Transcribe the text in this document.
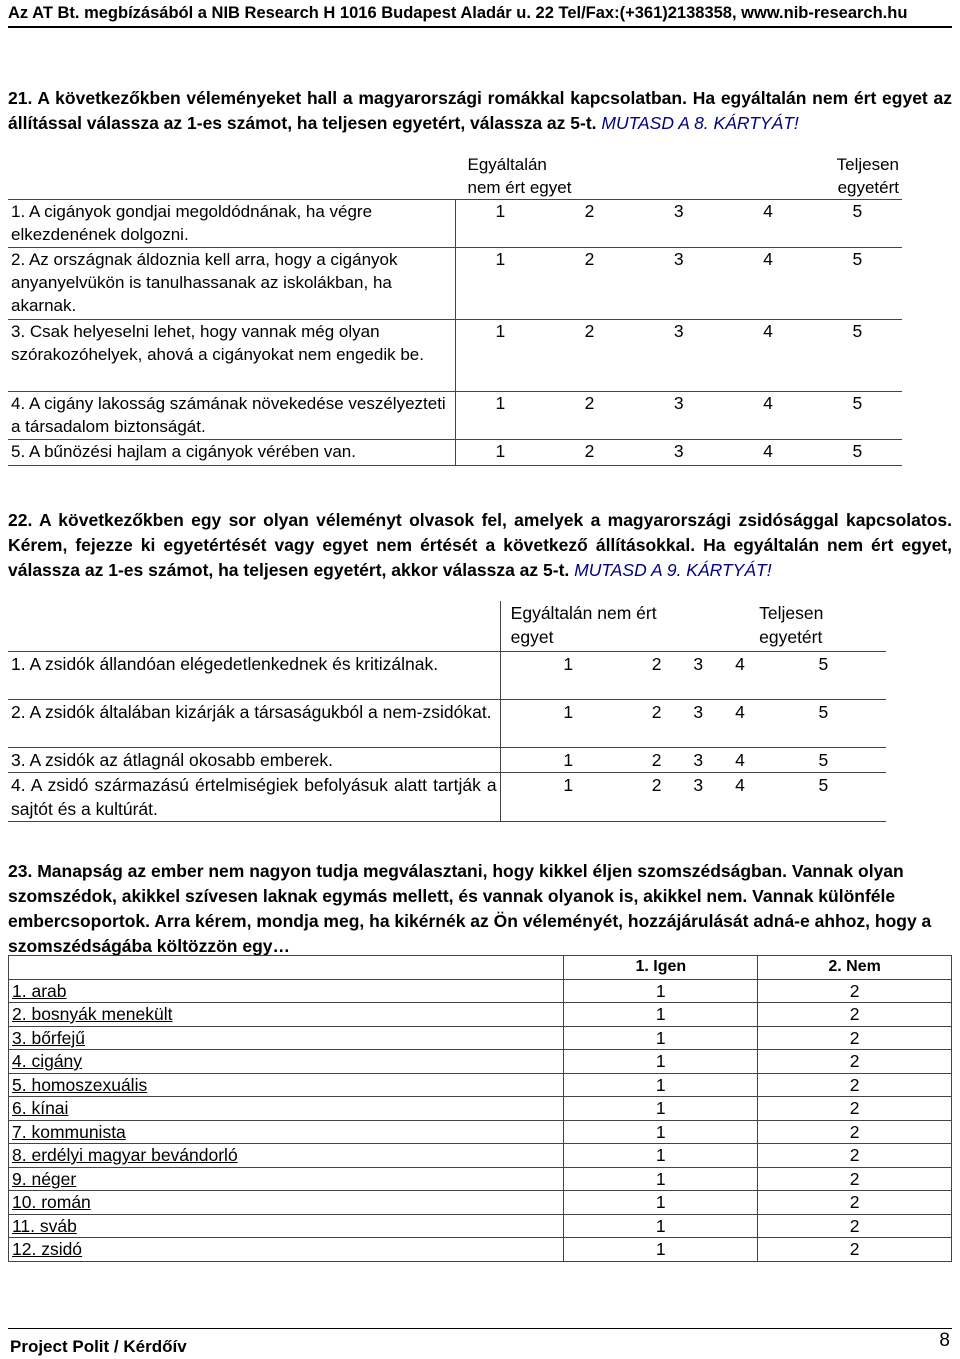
Az AT Bt. megbízásából a NIB Research H 1016 Budapest Aladár u. 22 Tel/Fax:(+361)2138358, www.nib-research.hu
21. A következőkben véleményeket hall a magyarországi romákkal kapcsolatban. Ha egyáltalán nem ért egyet az állítással válassza az 1-es számot, ha teljesen egyetért, válassza az 5-t. MUTASD A 8. KÁRTYÁT!
	Egyáltalán
nem ért egyet			Teljesen
egyetért	
1. A cigányok gondjai megoldódnának, ha végre elkezdenének dolgozni.	1	2	3	4	5
2. Az országnak áldoznia kell arra, hogy a cigányok anyanyelvükön is tanulhassanak az iskolákban, ha akarnak.	1	2	3	4	5
3. Csak helyeselni lehet, hogy vannak még olyan szórakozóhelyek, ahová a cigányokat nem engedik be.	1	2	3	4	5
4. A cigány lakosság számának növekedése veszélyezteti a társadalom biztonságát.	1	2	3	4	5
5. A bűnözési hajlam a cigányok vérében van.	1	2	3	4	5
22. A következőkben egy sor olyan véleményt olvasok fel, amelyek a magyarországi zsidósággal kapcsolatos. Kérem, fejezze ki egyetértését vagy egyet nem értését a következő állításokkal. Ha egyáltalán nem ért egyet, válassza az 1-es számot, ha teljesen egyetért, akkor válassza az 5-t. MUTASD A 9. KÁRTYÁT!
	Egyáltalán nem ért
egyet			Teljesen
egyetért	
1. A zsidók állandóan elégedetlenkednek és kritizálnak.	1	2	3	4	5
2. A zsidók általában kizárják a társaságukból a nem-zsidókat.	1	2	3	4	5
3. A zsidók az átlagnál okosabb emberek.	1	2	3	4	5
4. A zsidó származású értelmiségiek befolyásuk alatt tartják a sajtót és a kultúrát.	1	2	3	4	5
23. Manapság az ember nem nagyon tudja megválasztani, hogy kikkel éljen szomszédságban. Vannak olyan szomszédok, akikkel szívesen laknak egymás mellett, és vannak olyanok is, akikkel nem. Vannak különféle embercsoportok. Arra kérem, mondja meg, ha kikérnék az Ön véleményét, hozzájárulását adná-e ahhoz, hogy a szomszédságába költözzön egy…
	1. Igen	2. Nem
1. arab	1	2
2. bosnyák menekült	1	2
3. bőrfejű	1	2
4. cigány	1	2
5. homoszexuális	1	2
6. kínai	1	2
7. kommunista	1	2
8. erdélyi magyar bevándorló	1	2
9. néger	1	2
10. román	1	2
11. sváb	1	2
12. zsidó	1	2
Project Polit / Kérdőív	8
